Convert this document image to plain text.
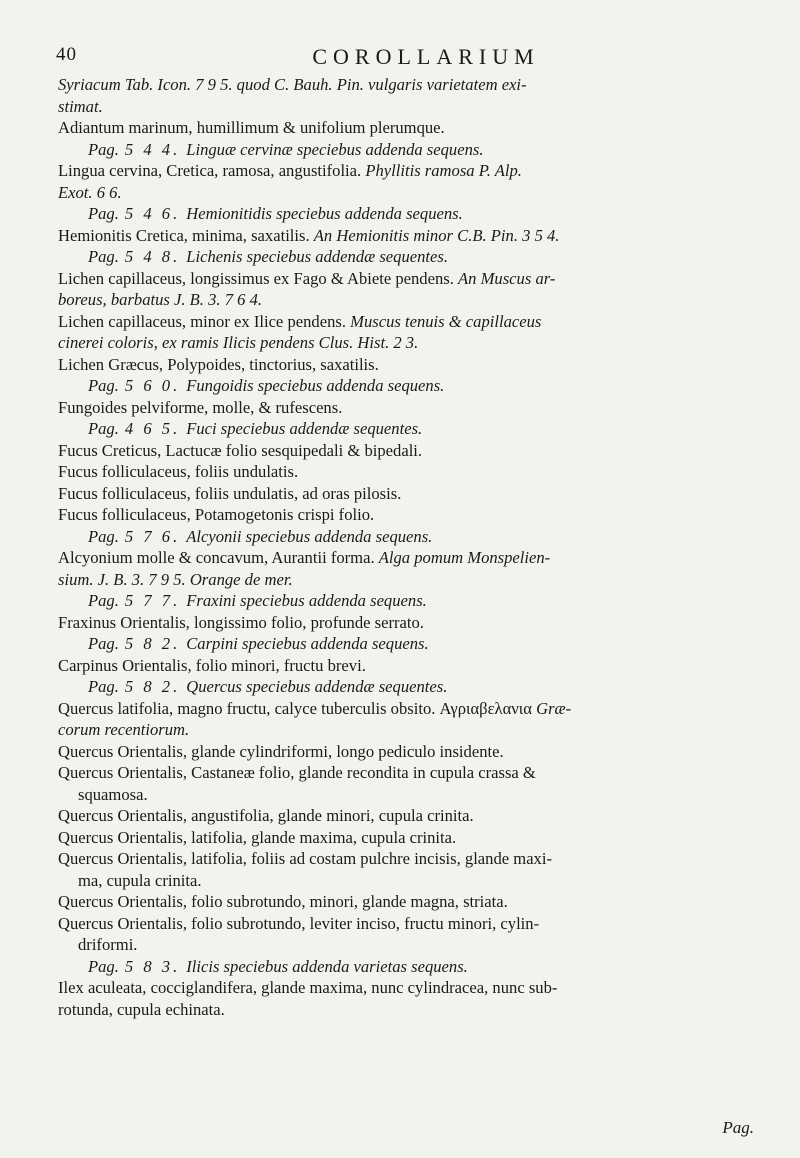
40	COROLLARIUM
Syriacum Tab. Icon. 7 9 5. quod C. Bauh. Pin. vulgaris varietatem exi-
stimat.
Adiantum marinum, humillimum & unifolium plerumque.
Pag. 5 4 4. Linguæ cervinæ speciebus addenda sequens.
Lingua cervina, Cretica, ramosa, angustifolia. Phyllitis ramosa P. Alp.
Exot. 6 6.
Pag. 5 4 6. Hemionitidis speciebus addenda sequens.
Hemionitis Cretica, minima, saxatilis. An Hemionitis minor C.B. Pin. 3 5 4.
Pag. 5 4 8. Lichenis speciebus addendæ sequentes.
Lichen capillaceus, longissimus ex Fago & Abiete pendens. An Muscus ar-
boreus, barbatus J. B. 3. 7 6 4.
Lichen capillaceus, minor ex Ilice pendens. Muscus tenuis & capillaceus
cinerei coloris, ex ramis Ilicis pendens Clus. Hist. 2 3.
Lichen Græcus, Polypoides, tinctorius, saxatilis.
Pag. 5 6 0. Fungoidis speciebus addenda sequens.
Fungoides pelviforme, molle, & rufescens.
Pag. 4 6 5. Fuci speciebus addendæ sequentes.
Fucus Creticus, Lactucæ folio sesquipedali & bipedali.
Fucus folliculaceus, foliis undulatis.
Fucus folliculaceus, foliis undulatis, ad oras pilosis.
Fucus folliculaceus, Potamogetonis crispi folio.
Pag. 5 7 6. Alcyonii speciebus addenda sequens.
Alcyonium molle & concavum, Aurantii forma. Alga pomum Monspelien-
sium. J. B. 3. 7 9 5. Orange de mer.
Pag. 5 7 7. Fraxini speciebus addenda sequens.
Fraxinus Orientalis, longissimo folio, profunde serrato.
Pag. 5 8 2. Carpini speciebus addenda sequens.
Carpinus Orientalis, folio minori, fructu brevi.
Pag. 5 8 2. Quercus speciebus addendæ sequentes.
Quercus latifolia, magno fructu, calyce tuberculis obsito. Αγριαβελανια Græ-
corum recentiorum.
Quercus Orientalis, glande cylindriformi, longo pediculo insidente.
Quercus Orientalis, Castaneæ folio, glande recondita in cupula crassa &
squamosa.
Quercus Orientalis, angustifolia, glande minori, cupula crinita.
Quercus Orientalis, latifolia, glande maxima, cupula crinita.
Quercus Orientalis, latifolia, foliis ad costam pulchre incisis, glande maxi-
ma, cupula crinita.
Quercus Orientalis, folio subrotundo, minori, glande magna, striata.
Quercus Orientalis, folio subrotundo, leviter inciso, fructu minori, cylin-
driformi.
Pag. 5 8 3. Ilicis speciebus addenda varietas sequens.
Ilex aculeata, cocciglandifera, glande maxima, nunc cylindracea, nunc sub-
rotunda, cupula echinata.
Pag.
